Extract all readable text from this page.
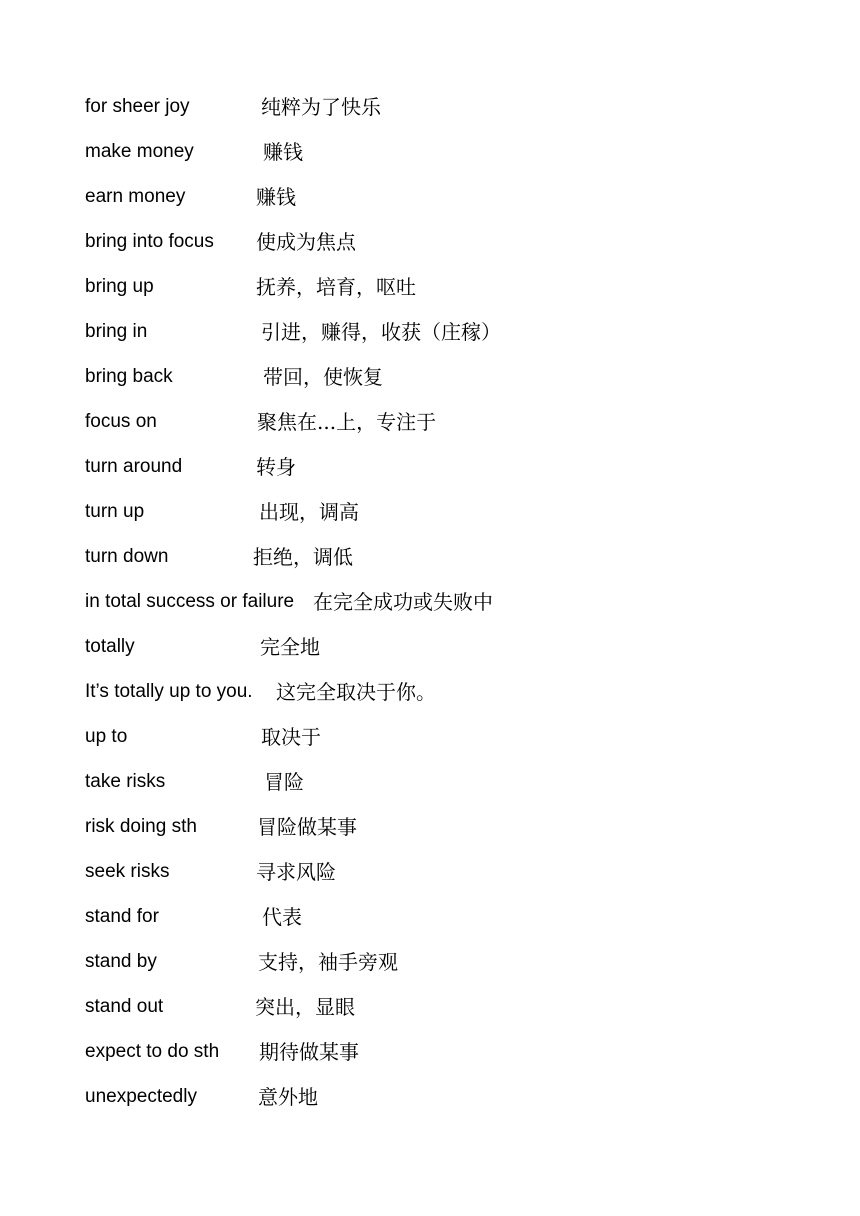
for sheer joy	纯粹为了快乐
make money	赚钱
earn money	赚钱
bring into focus 使成为焦点
bring up	抚养，培育，呕吐
bring in	引进，赚得，收获（庄稼）
bring back	带回，使恢复
focus on	聚焦在...上，专注于
turn around	转身
turn up	出现，调高
turn down	拒绝，调低
in total success or failure 在完全成功或失败中
totally	完全地
It’s totally up to you. 这完全取决于你。
up to	取决于
take risks	冒险
risk doing sth	冒险做某事
seek risks	寻求风险
stand for	代表
stand by	支持，袖手旁观
stand out	突出，显眼
expect to do sth 期待做某事
unexpectedly	意外地
